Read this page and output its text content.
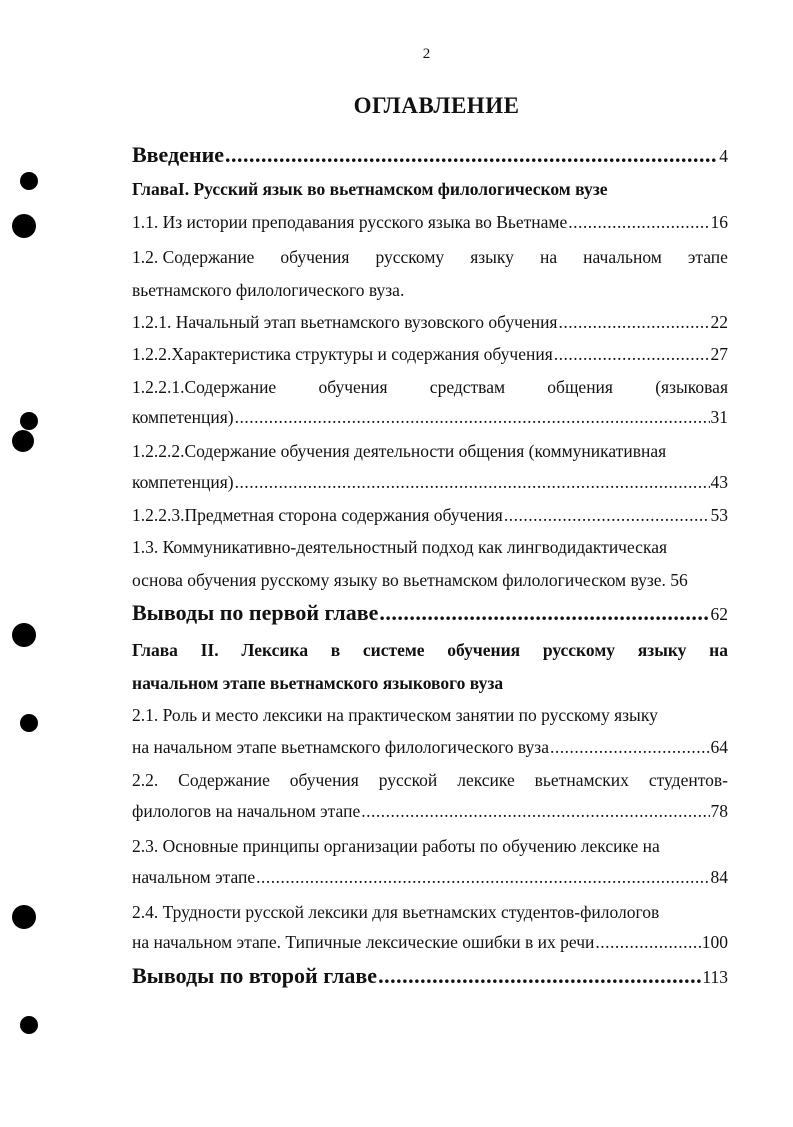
2
ОГЛАВЛЕНИЕ
Введение .....	4
ГлаваI. Русский язык во вьетнамском филологическом вузе
1.1. Из истории преподавания русского языка во Вьетнаме .....	16
1.2. Содержание обучения русскому языку на начальном этапе
вьетнамского филологического вуза.
1.2.1. Начальный этап вьетнамского вузовского обучения .....	22
1.2.2.Характеристика структуры и содержания обучения .....	27
1.2.2.1.Содержание обучения средствам общения (языковая
компетенция) .....	31
1.2.2.2.Содержание обучения деятельности общения (коммуникативная
компетенция) .....	43
1.2.2.3.Предметная сторона содержания обучения .....	53
1.3. Коммуникативно-деятельностный подход как лингводидактическая
основа обучения русскому языку во вьетнамском филологическом вузе. 56
Выводы по первой главе .....	62
Глава II. Лексика в системе обучения русскому языку на
начальном этапе вьетнамского языкового вуза
2.1. Роль и место лексики на практическом занятии по русскому языку
на начальном этапе вьетнамского филологического вуза .....	64
2.2. Содержание обучения русской лексике вьетнамских студентов-
филологов на начальном этапе .....	78
2.3. Основные принципы организации работы по обучению лексике на
начальном этапе .....	84
2.4. Трудности русской лексики для вьетнамских студентов-филологов
на начальном этапе. Типичные лексические ошибки в их речи .....	100
Выводы по второй главе .....	113
